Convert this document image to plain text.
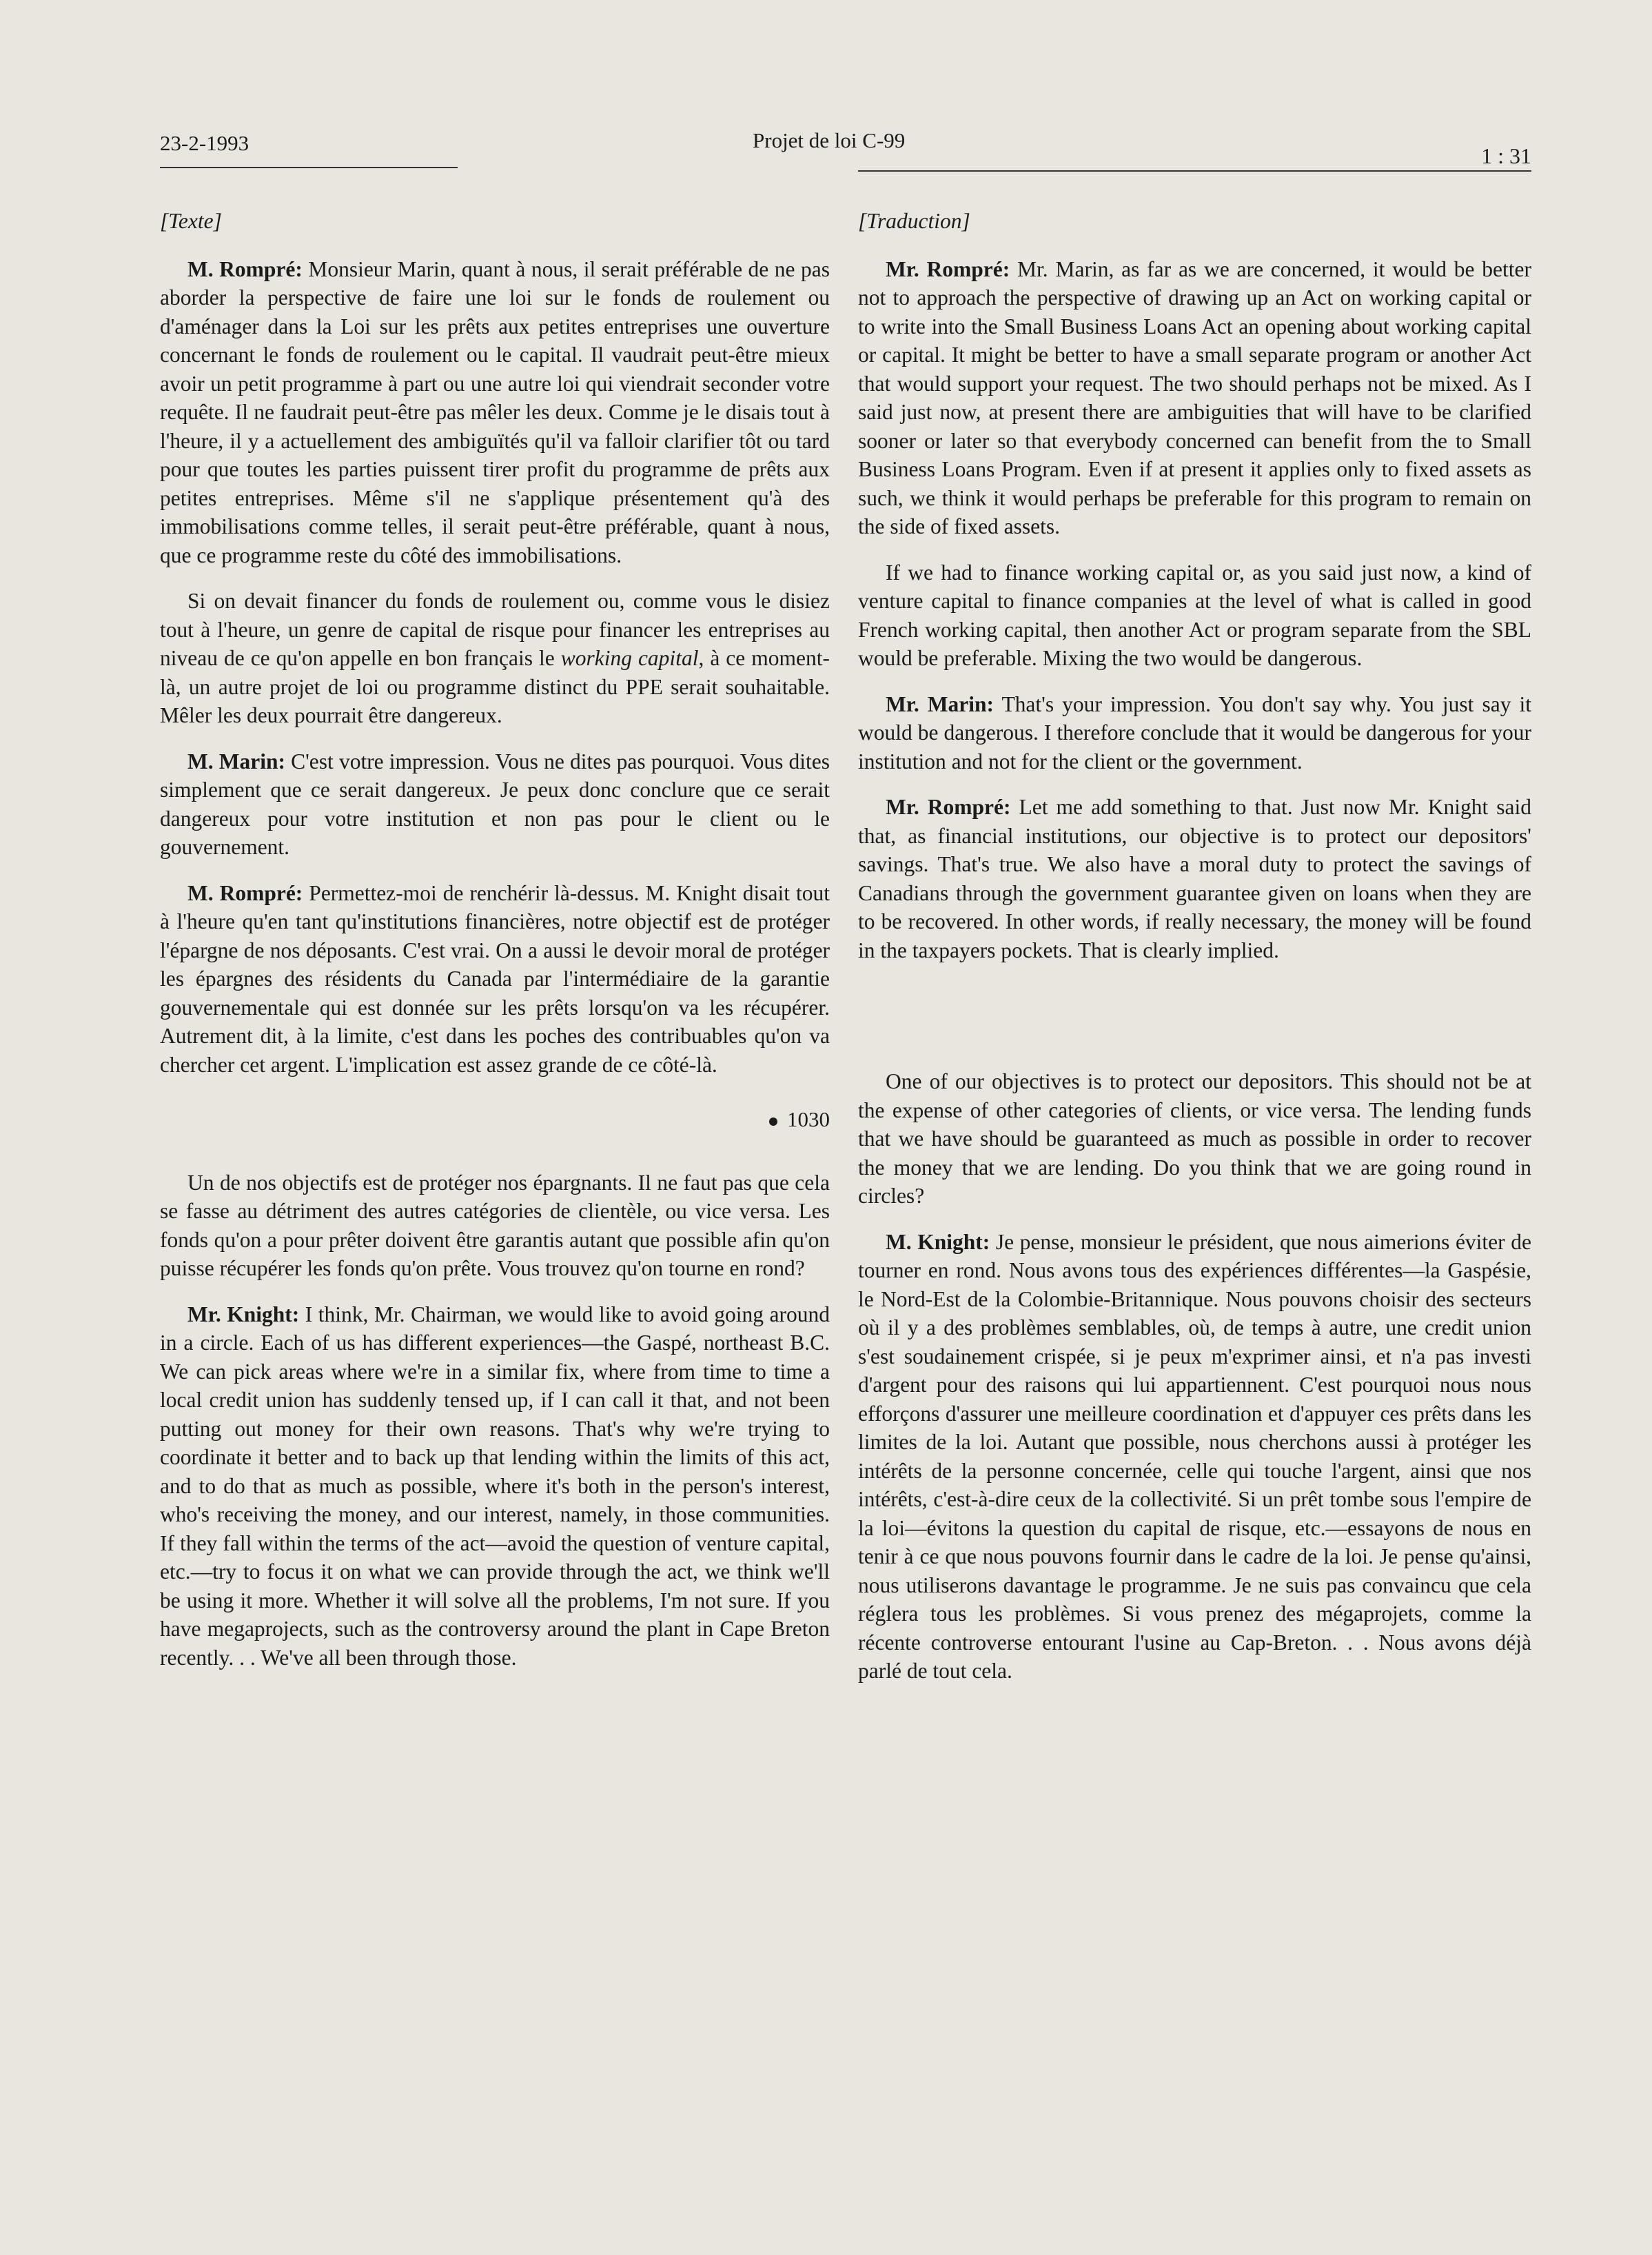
23-2-1993	Projet de loi C-99
1 : 31
[Texte]

M. Rompré: Monsieur Marin, quant à nous, il serait préférable de ne pas aborder la perspective de faire une loi sur le fonds de roulement ou d'aménager dans la Loi sur les prêts aux petites entreprises une ouverture concernant le fonds de roulement ou le capital. Il vaudrait peut-être mieux avoir un petit programme à part ou une autre loi qui viendrait seconder votre requête. Il ne faudrait peut-être pas mêler les deux. Comme je le disais tout à l'heure, il y a actuellement des ambiguïtés qu'il va falloir clarifier tôt ou tard pour que toutes les parties puissent tirer profit du programme de prêts aux petites entreprises. Même s'il ne s'applique présentement qu'à des immobilisations comme telles, il serait peut-être préférable, quant à nous, que ce programme reste du côté des immobilisations.

Si on devait financer du fonds de roulement ou, comme vous le disiez tout à l'heure, un genre de capital de risque pour financer les entreprises au niveau de ce qu'on appelle en bon français le working capital, à ce moment-là, un autre projet de loi ou programme distinct du PPE serait souhaitable. Mêler les deux pourrait être dangereux.

M. Marin: C'est votre impression. Vous ne dites pas pourquoi. Vous dites simplement que ce serait dangereux. Je peux donc conclure que ce serait dangereux pour votre institution et non pas pour le client ou le gouvernement.

M. Rompré: Permettez-moi de renchérir là-dessus. M. Knight disait tout à l'heure qu'en tant qu'institutions financières, notre objectif est de protéger l'épargne de nos déposants. C'est vrai. On a aussi le devoir moral de protéger les épargnes des résidents du Canada par l'intermédiaire de la garantie gouvernementale qui est donnée sur les prêts lorsqu'on va les récupérer. Autrement dit, à la limite, c'est dans les poches des contribuables qu'on va chercher cet argent. L'implication est assez grande de ce côté-là.

1030

Un de nos objectifs est de protéger nos épargnants. Il ne faut pas que cela se fasse au détriment des autres catégories de clientèle, ou vice versa. Les fonds qu'on a pour prêter doivent être garantis autant que possible afin qu'on puisse récupérer les fonds qu'on prête. Vous trouvez qu'on tourne en rond?

Mr. Knight: I think, Mr. Chairman, we would like to avoid going around in a circle. Each of us has different experiences—the Gaspé, northeast B.C. We can pick areas where we're in a similar fix, where from time to time a local credit union has suddenly tensed up, if I can call it that, and not been putting out money for their own reasons. That's why we're trying to coordinate it better and to back up that lending within the limits of this act, and to do that as much as possible, where it's both in the person's interest, who's receiving the money, and our interest, namely, in those communities. If they fall within the terms of the act—avoid the question of venture capital, etc.—try to focus it on what we can provide through the act, we think we'll be using it more. Whether it will solve all the problems, I'm not sure. If you have megaprojects, such as the controversy around the plant in Cape Breton recently. . . We've all been through those.

[Traduction]

Mr. Rompré: Mr. Marin, as far as we are concerned, it would be better not to approach the perspective of drawing up an Act on working capital or to write into the Small Business Loans Act an opening about working capital or capital. It might be better to have a small separate program or another Act that would support your request. The two should perhaps not be mixed. As I said just now, at present there are ambiguities that will have to be clarified sooner or later so that everybody concerned can benefit from the to Small Business Loans Program. Even if at present it applies only to fixed assets as such, we think it would perhaps be preferable for this program to remain on the side of fixed assets.

If we had to finance working capital or, as you said just now, a kind of venture capital to finance companies at the level of what is called in good French working capital, then another Act or program separate from the SBL would be preferable. Mixing the two would be dangerous.

Mr. Marin: That's your impression. You don't say why. You just say it would be dangerous. I therefore conclude that it would be dangerous for your institution and not for the client or the government.

Mr. Rompré: Let me add something to that. Just now Mr. Knight said that, as financial institutions, our objective is to protect our depositors' savings. That's true. We also have a moral duty to protect the savings of Canadians through the government guarantee given on loans when they are to be recovered. In other words, if really necessary, the money will be found in the taxpayers pockets. That is clearly implied.

One of our objectives is to protect our depositors. This should not be at the expense of other categories of clients, or vice versa. The lending funds that we have should be guaranteed as much as possible in order to recover the money that we are lending. Do you think that we are going round in circles?

M. Knight: Je pense, monsieur le président, que nous aimerions éviter de tourner en rond. Nous avons tous des expériences différentes—la Gaspésie, le Nord-Est de la Colombie-Britannique. Nous pouvons choisir des secteurs où il y a des problèmes semblables, où, de temps à autre, une credit union s'est soudainement crispée, si je peux m'exprimer ainsi, et n'a pas investi d'argent pour des raisons qui lui appartiennent. C'est pourquoi nous nous efforçons d'assurer une meilleure coordination et d'appuyer ces prêts dans les limites de la loi. Autant que possible, nous cherchons aussi à protéger les intérêts de la personne concernée, celle qui touche l'argent, ainsi que nos intérêts, c'est-à-dire ceux de la collectivité. Si un prêt tombe sous l'empire de la loi—évitons la question du capital de risque, etc.—essayons de nous en tenir à ce que nous pouvons fournir dans le cadre de la loi. Je pense qu'ainsi, nous utiliserons davantage le programme. Je ne suis pas convaincu que cela réglera tous les problèmes. Si vous prenez des mégaprojets, comme la récente controverse entourant l'usine au Cap-Breton. . . Nous avons déjà parlé de tout cela.
